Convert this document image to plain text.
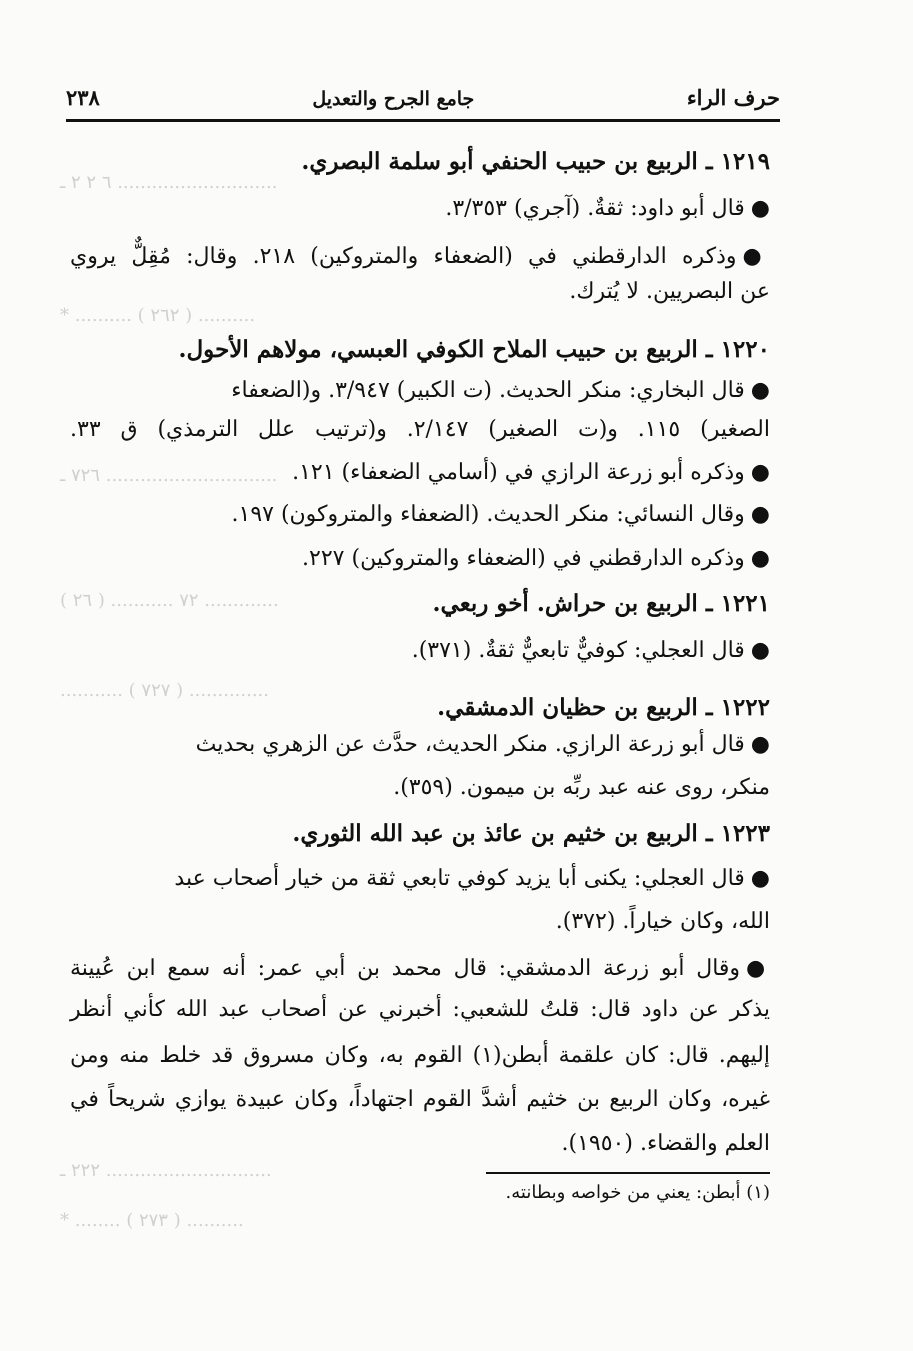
حرف الراء
جامع الجرح والتعديل
٢٣٨
١٢١٩ ـ الربيع بن حبيب الحنفي أبو سلمة البصري.
●قال أبو داود: ثقةٌ. (آجري) ٣/٣٥٣.
●وذكره الدارقطني في (الضعفاء والمتروكين) ٢١٨. وقال: مُقِلٌّ يروي
عن البصريين. لا يُترك.
١٢٢٠ ـ الربيع بن حبيب الملاح الكوفي العبسي، مولاهم الأحول.
●قال البخاري: منكر الحديث. (ت الكبير) ٣/٩٤٧. و(الضعفاء
الصغير) ١١٥. و(ت الصغير) ٢/١٤٧. و(ترتيب علل الترمذي) ق ٣٣.
●وذكره أبو زرعة الرازي في (أسامي الضعفاء) ١٢١.
●وقال النسائي: منكر الحديث. (الضعفاء والمتروكون) ١٩٧.
●وذكره الدارقطني في (الضعفاء والمتروكين) ٢٢٧.
١٢٢١ ـ الربيع بن حراش. أخو ربعي.
●قال العجلي: كوفيٌّ تابعيٌّ ثقةٌ. (٣٧١).
١٢٢٢ ـ الربيع بن حظيان الدمشقي.
●قال أبو زرعة الرازي. منكر الحديث، حدَّث عن الزهري بحديث
منكر، روى عنه عبد ربِّه بن ميمون. (٣٥٩).
١٢٢٣ ـ الربيع بن خثيم بن عائذ بن عبد الله الثوري.
●قال العجلي: يكنى أبا يزيد كوفي تابعي ثقة من خيار أصحاب عبد
الله، وكان خياراً. (٣٧٢).
●وقال أبو زرعة الدمشقي: قال محمد بن أبي عمر: أنه سمع ابن عُيينة
يذكر عن داود قال: قلتُ للشعبي: أخبرني عن أصحاب عبد الله كأني أنظر
إليهم. قال: كان علقمة أبطن(١) القوم به، وكان مسروق قد خلط منه ومن
غيره، وكان الربيع بن خثيم أشدَّ القوم اجتهاداً، وكان عبيدة يوازي شريحاً في
العلم والقضاء. (١٩٥٠).
(١) أبطن: يعني من خواصه وبطانته.
٦ ٢ ٢ ـ ............................
* .......... ( ٢٦٢ ) ..........
٧٢٦ ـ ..............................
٧٢ ........... ( ٢٦ ) .............
........... ( ٧٢٧ ) ..............
٢٢٢ ـ .............................
* ........ ( ٢٧٣ ) ..........
